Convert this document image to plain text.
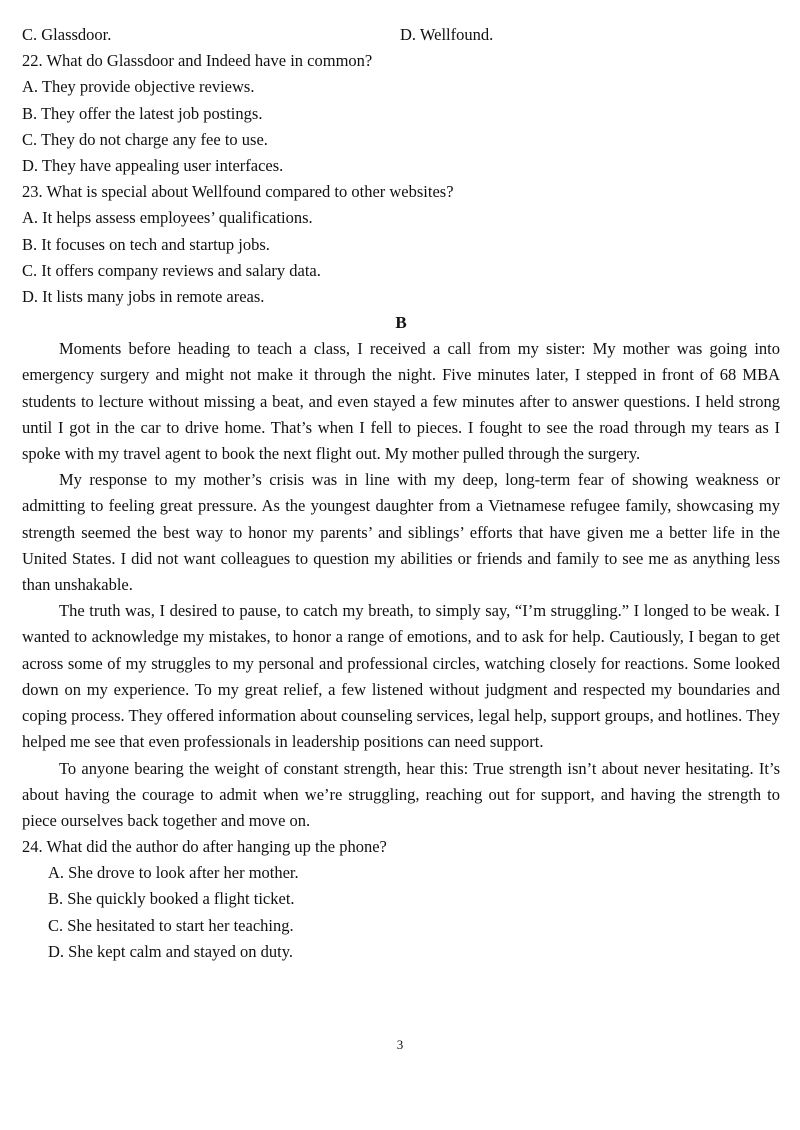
C. Glassdoor.	D. Wellfound.
22. What do Glassdoor and Indeed have in common?
A. They provide objective reviews.
B. They offer the latest job postings.
C. They do not charge any fee to use.
D. They have appealing user interfaces.
23. What is special about Wellfound compared to other websites?
A. It helps assess employees’ qualifications.
B. It focuses on tech and startup jobs.
C. It offers company reviews and salary data.
D. It lists many jobs in remote areas.
B

Moments before heading to teach a class, I received a call from my sister: My mother was going into emergency surgery and might not make it through the night. Five minutes later, I stepped in front of 68 MBA students to lecture without missing a beat, and even stayed a few minutes after to answer questions. I held strong until I got in the car to drive home. That’s when I fell to pieces. I fought to see the road through my tears as I spoke with my travel agent to book the next flight out. My mother pulled through the surgery.

My response to my mother’s crisis was in line with my deep, long-term fear of showing weakness or admitting to feeling great pressure. As the youngest daughter from a Vietnamese refugee family, showcasing my strength seemed the best way to honor my parents’ and siblings’ efforts that have given me a better life in the United States. I did not want colleagues to question my abilities or friends and family to see me as anything less than unshakable.

The truth was, I desired to pause, to catch my breath, to simply say, “I’m struggling.” I longed to be weak. I wanted to acknowledge my mistakes, to honor a range of emotions, and to ask for help. Cautiously, I began to get across some of my struggles to my personal and professional circles, watching closely for reactions. Some looked down on my experience. To my great relief, a few listened without judgment and respected my boundaries and coping process. They offered information about counseling services, legal help, support groups, and hotlines. They helped me see that even professionals in leadership positions can need support.

To anyone bearing the weight of constant strength, hear this: True strength isn’t about never hesitating. It’s about having the courage to admit when we’re struggling, reaching out for support, and having the strength to piece ourselves back together and move on.

24. What did the author do after hanging up the phone?
A. She drove to look after her mother.
B. She quickly booked a flight ticket.
C. She hesitated to start her teaching.
D. She kept calm and stayed on duty.
3
